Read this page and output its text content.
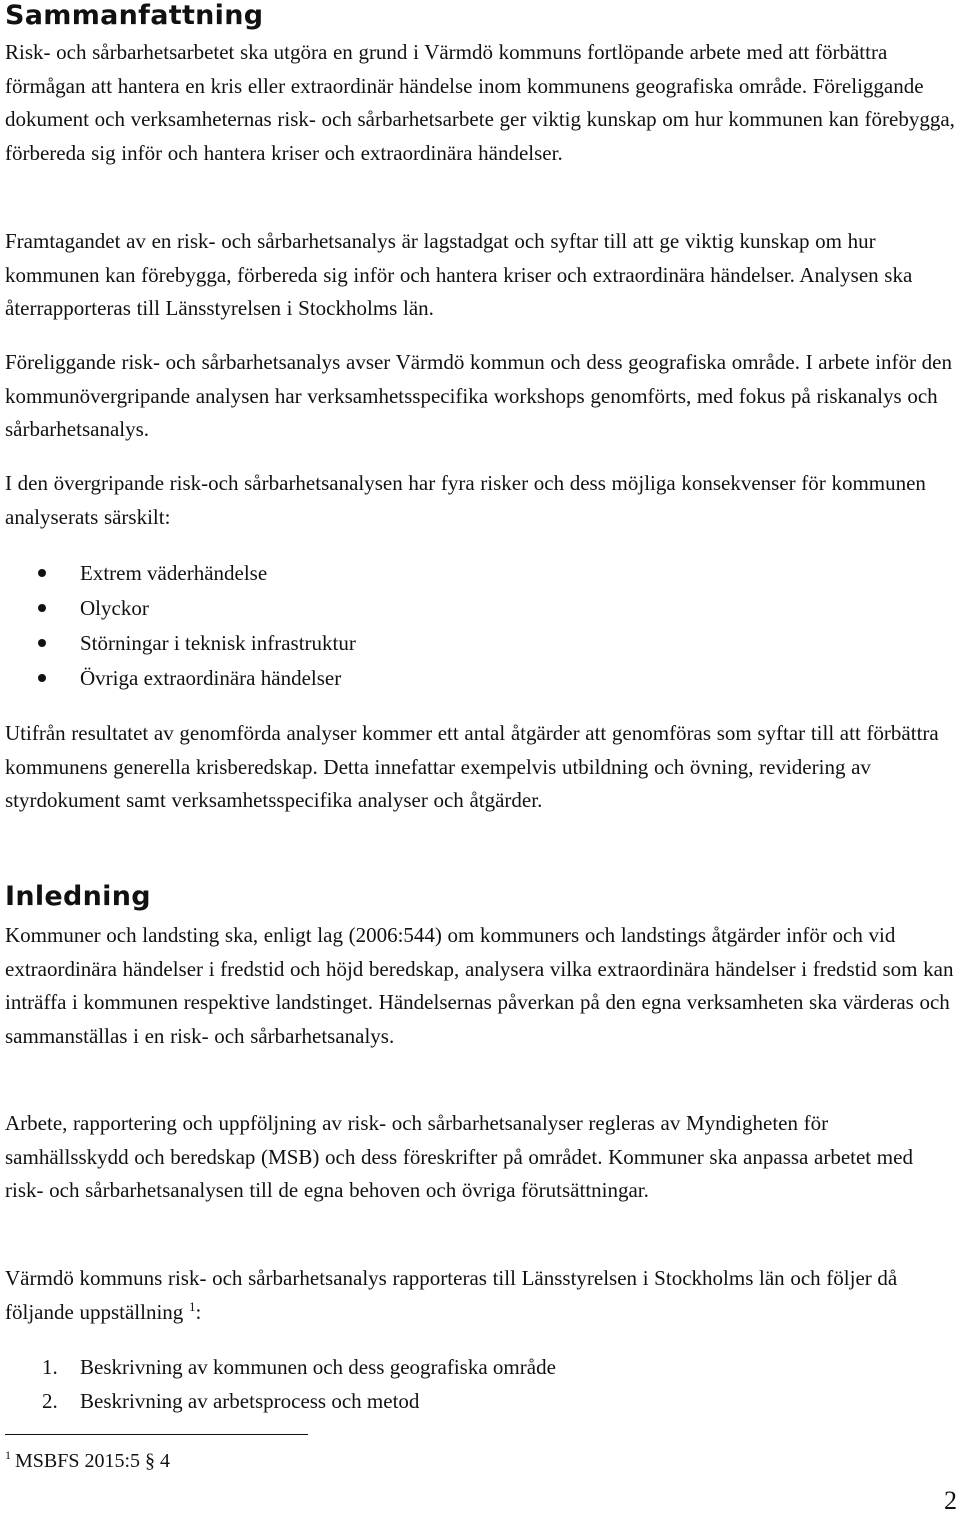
Sammanfattning

Risk- och sårbarhetsarbetet ska utgöra en grund i Värmdö kommuns fortlöpande arbete med att förbättra förmågan att hantera en kris eller extraordinär händelse inom kommunens geografiska område. Föreliggande dokument och verksamheternas risk- och sårbarhetsarbete ger viktig kunskap om hur kommunen kan förebygga, förbereda sig inför och hantera kriser och extraordinära händelser.

Framtagandet av en risk- och sårbarhetsanalys är lagstadgat och syftar till att ge viktig kunskap om hur kommunen kan förebygga, förbereda sig inför och hantera kriser och extraordinära händelser. Analysen ska återrapporteras till Länsstyrelsen i Stockholms län.

Föreliggande risk- och sårbarhetsanalys avser Värmdö kommun och dess geografiska område. I arbete inför den kommunövergripande analysen har verksamhetsspecifika workshops genomförts, med fokus på riskanalys och sårbarhetsanalys.

I den övergripande risk-och sårbarhetsanalysen har fyra risker och dess möjliga konsekvenser för kommunen analyserats särskilt:

Extrem väderhändelse
Olyckor
Störningar i teknisk infrastruktur
Övriga extraordinära händelser

Utifrån resultatet av genomförda analyser kommer ett antal åtgärder att genomföras som syftar till att förbättra kommunens generella krisberedskap. Detta innefattar exempelvis utbildning och övning, revidering av styrdokument samt verksamhetsspecifika analyser och åtgärder.

Inledning

Kommuner och landsting ska, enligt lag (2006:544) om kommuners och landstings åtgärder inför och vid extraordinära händelser i fredstid och höjd beredskap, analysera vilka extraordinära händelser i fredstid som kan inträffa i kommunen respektive landstinget. Händelsernas påverkan på den egna verksamheten ska värderas och sammanställas i en risk- och sårbarhetsanalys.

Arbete, rapportering och uppföljning av risk- och sårbarhetsanalyser regleras av Myndigheten för samhällsskydd och beredskap (MSB) och dess föreskrifter på området. Kommuner ska anpassa arbetet med risk- och sårbarhetsanalysen till de egna behoven och övriga förutsättningar.

Värmdö kommuns risk- och sårbarhetsanalys rapporteras till Länsstyrelsen i Stockholms län och följer då följande uppställning $^1$:

1. Beskrivning av kommunen och dess geografiska område
2. Beskrivning av arbetsprocess och metod
$^1$ MSBFS 2015:5 § 4
2
